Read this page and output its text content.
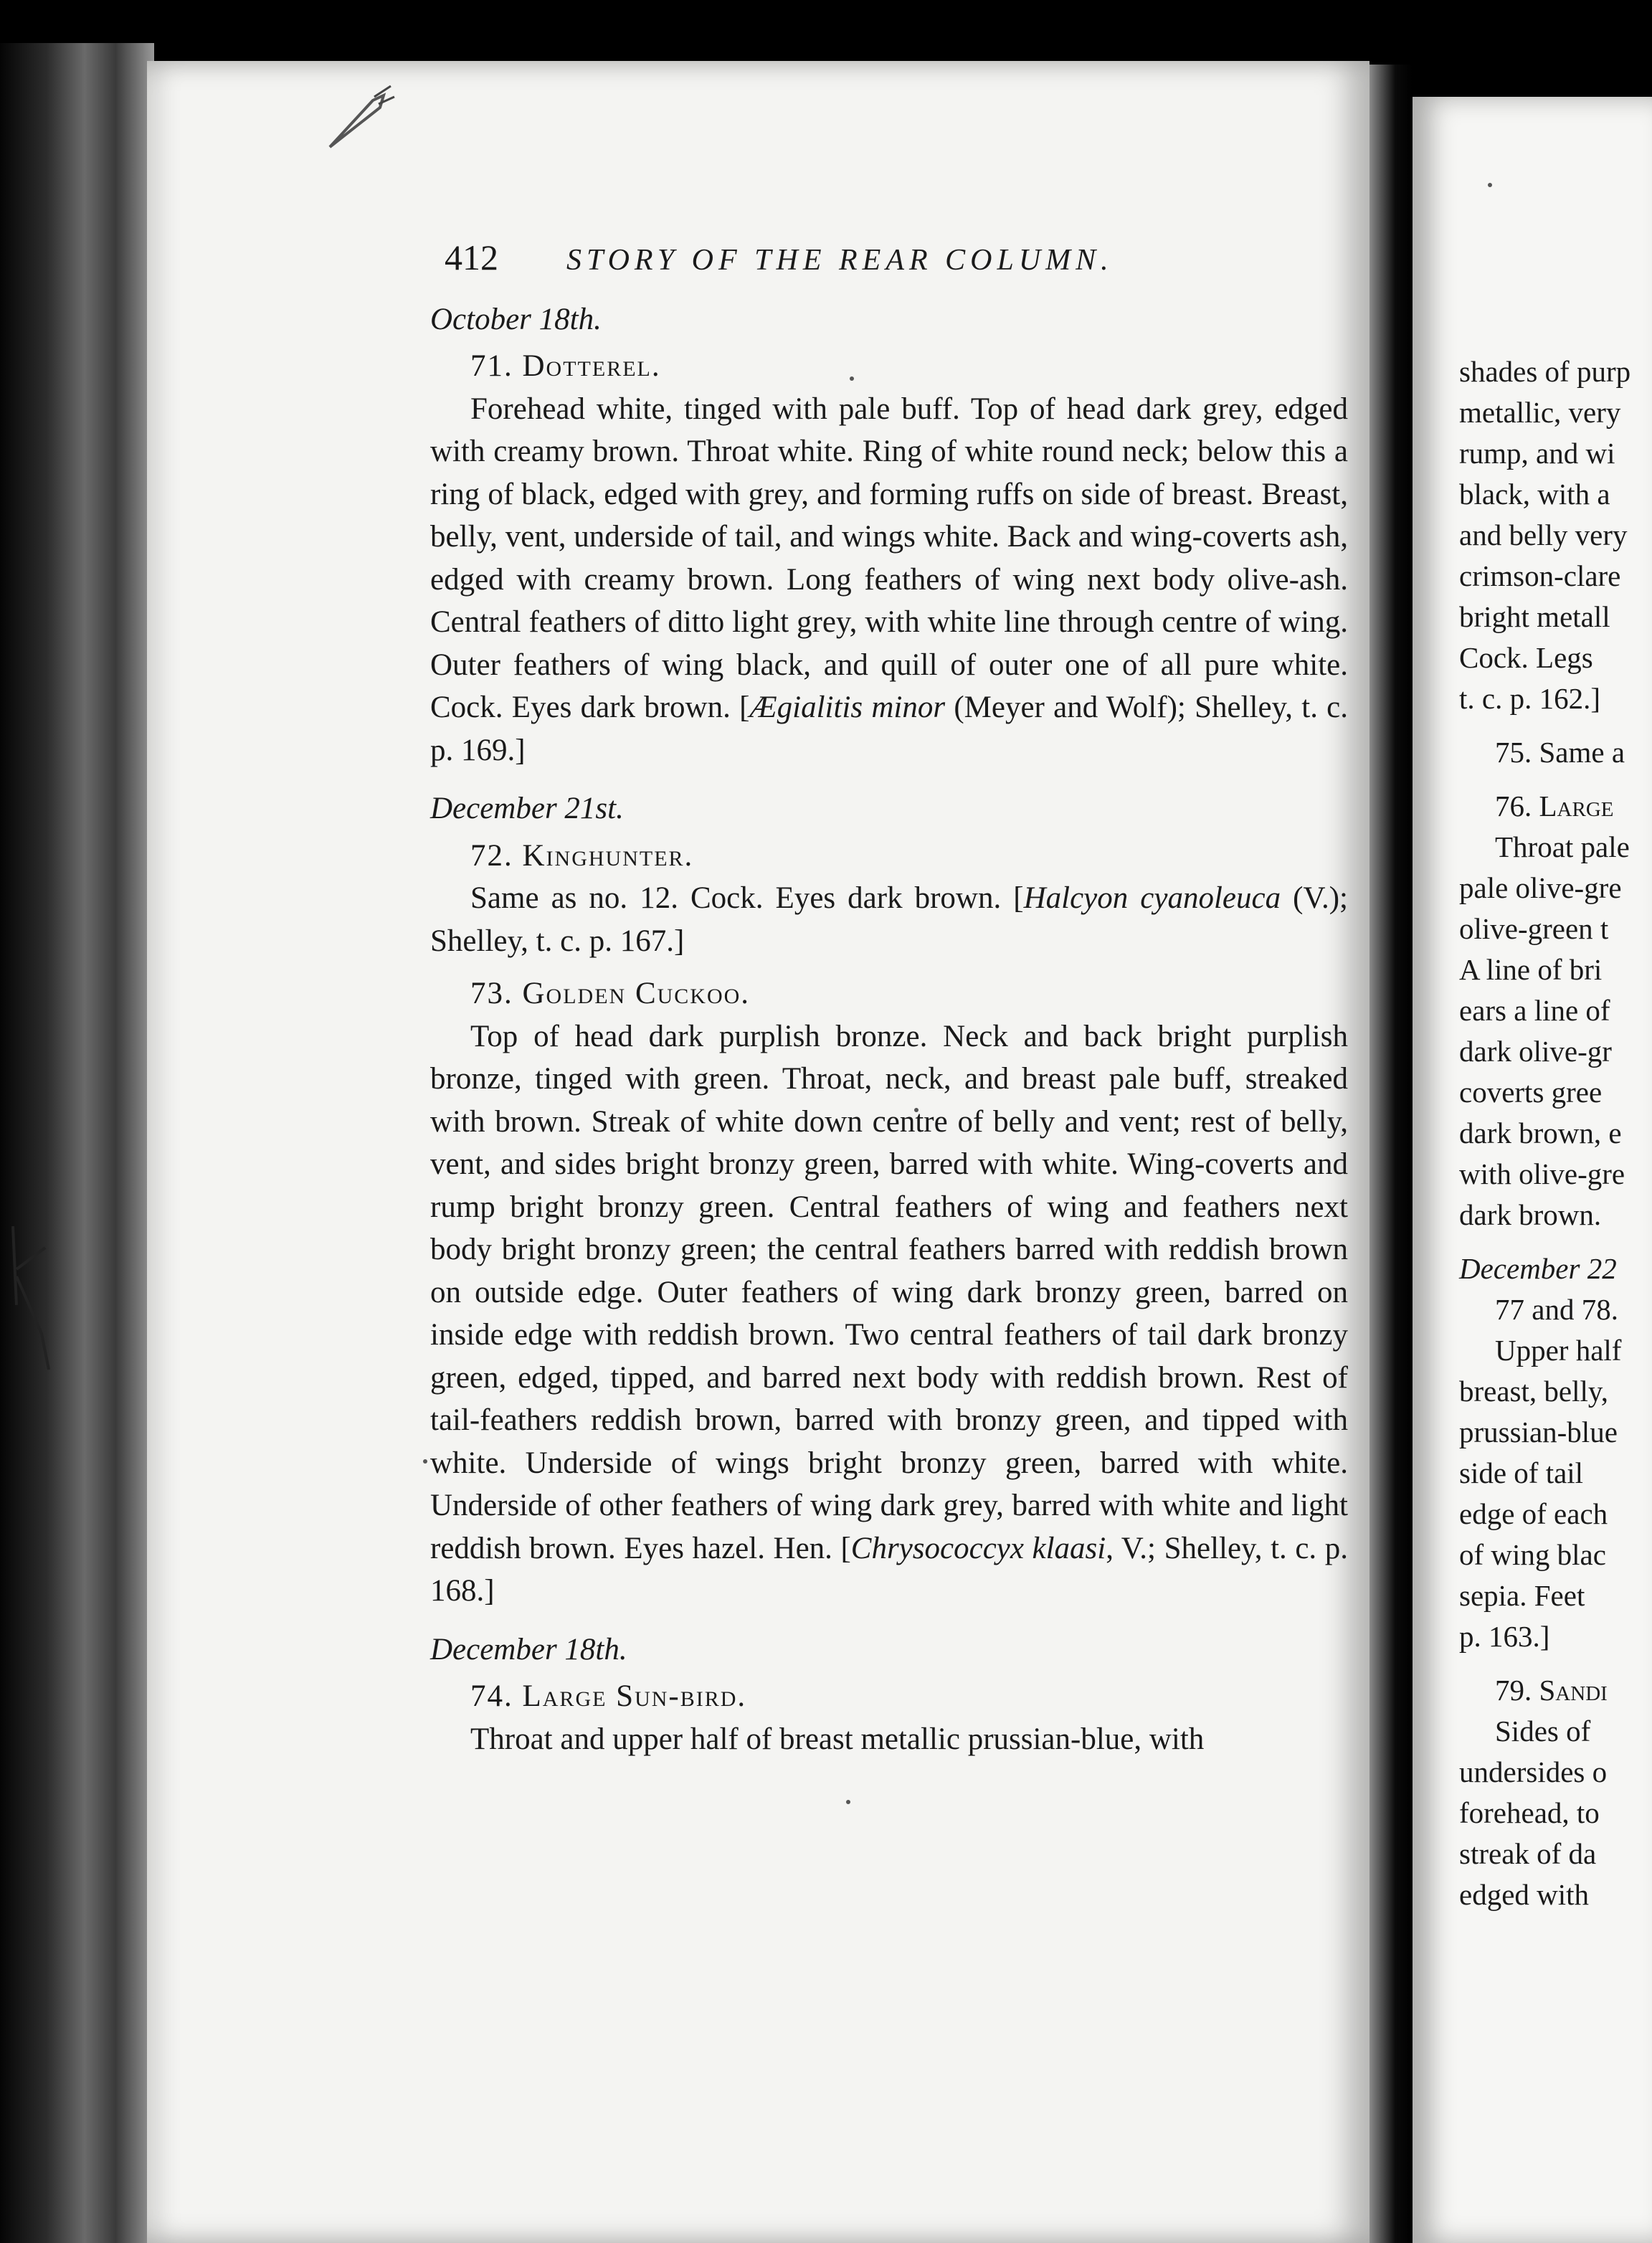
412	STORY OF THE REAR COLUMN.
October 18th.
71. Dotterel.

Forehead white, tinged with pale buff. Top of head dark grey, edged with creamy brown. Throat white. Ring of white round neck; below this a ring of black, edged with grey, and forming ruffs on side of breast. Breast, belly, vent, underside of tail, and wings white. Back and wing-coverts ash, edged with creamy brown. Long feathers of wing next body olive-ash. Central feathers of ditto light grey, with white line through centre of wing. Outer feathers of wing black, and quill of outer one of all pure white. Cock. Eyes dark brown. [Ægialitis minor (Meyer and Wolf); Shelley, t. c. p. 169.]

December 21st.
72. Kinghunter.

Same as no. 12. Cock. Eyes dark brown. [Halcyon cyanoleuca (V.); Shelley, t. c. p. 167.]

73. Golden Cuckoo.

Top of head dark purplish bronze. Neck and back bright purplish bronze, tinged with green. Throat, neck, and breast pale buff, streaked with brown. Streak of white down centre of belly and vent; rest of belly, vent, and sides bright bronzy green, barred with white. Wing-coverts and rump bright bronzy green. Central feathers of wing and feathers next body bright bronzy green; the central feathers barred with reddish brown on outside edge. Outer feathers of wing dark bronzy green, barred on inside edge with reddish brown. Two central feathers of tail dark bronzy green, edged, tipped, and barred next body with reddish brown. Rest of tail-feathers reddish brown, barred with bronzy green, and tipped with white. Underside of wings bright bronzy green, barred with white. Underside of other feathers of wing dark grey, barred with white and light reddish brown. Eyes hazel. Hen. [Chrysococcyx klaasi, V.; Shelley, t. c. p. 168.]

December 18th.
74. Large Sun-bird.

Throat and upper half of breast metallic prussian-blue, with

shades of purp
metallic, very
rump, and wi
black, with a
and belly very
crimson-clare
bright metall
Cock. Legs
t. c. p. 162.]
75. Same a
76. Large
Throat pale
pale olive-gre
olive-green t
A line of bri
ears a line of
dark olive-gr
coverts gree
dark brown, e
with olive-gre
dark brown.
December 22
77 and 78.
Upper half
breast, belly,
prussian-blue
side of tail
edge of each
of wing blac
sepia. Feet
p. 163.]
79. Sandi
Sides of
undersides o
forehead, to
streak of da
edged with
